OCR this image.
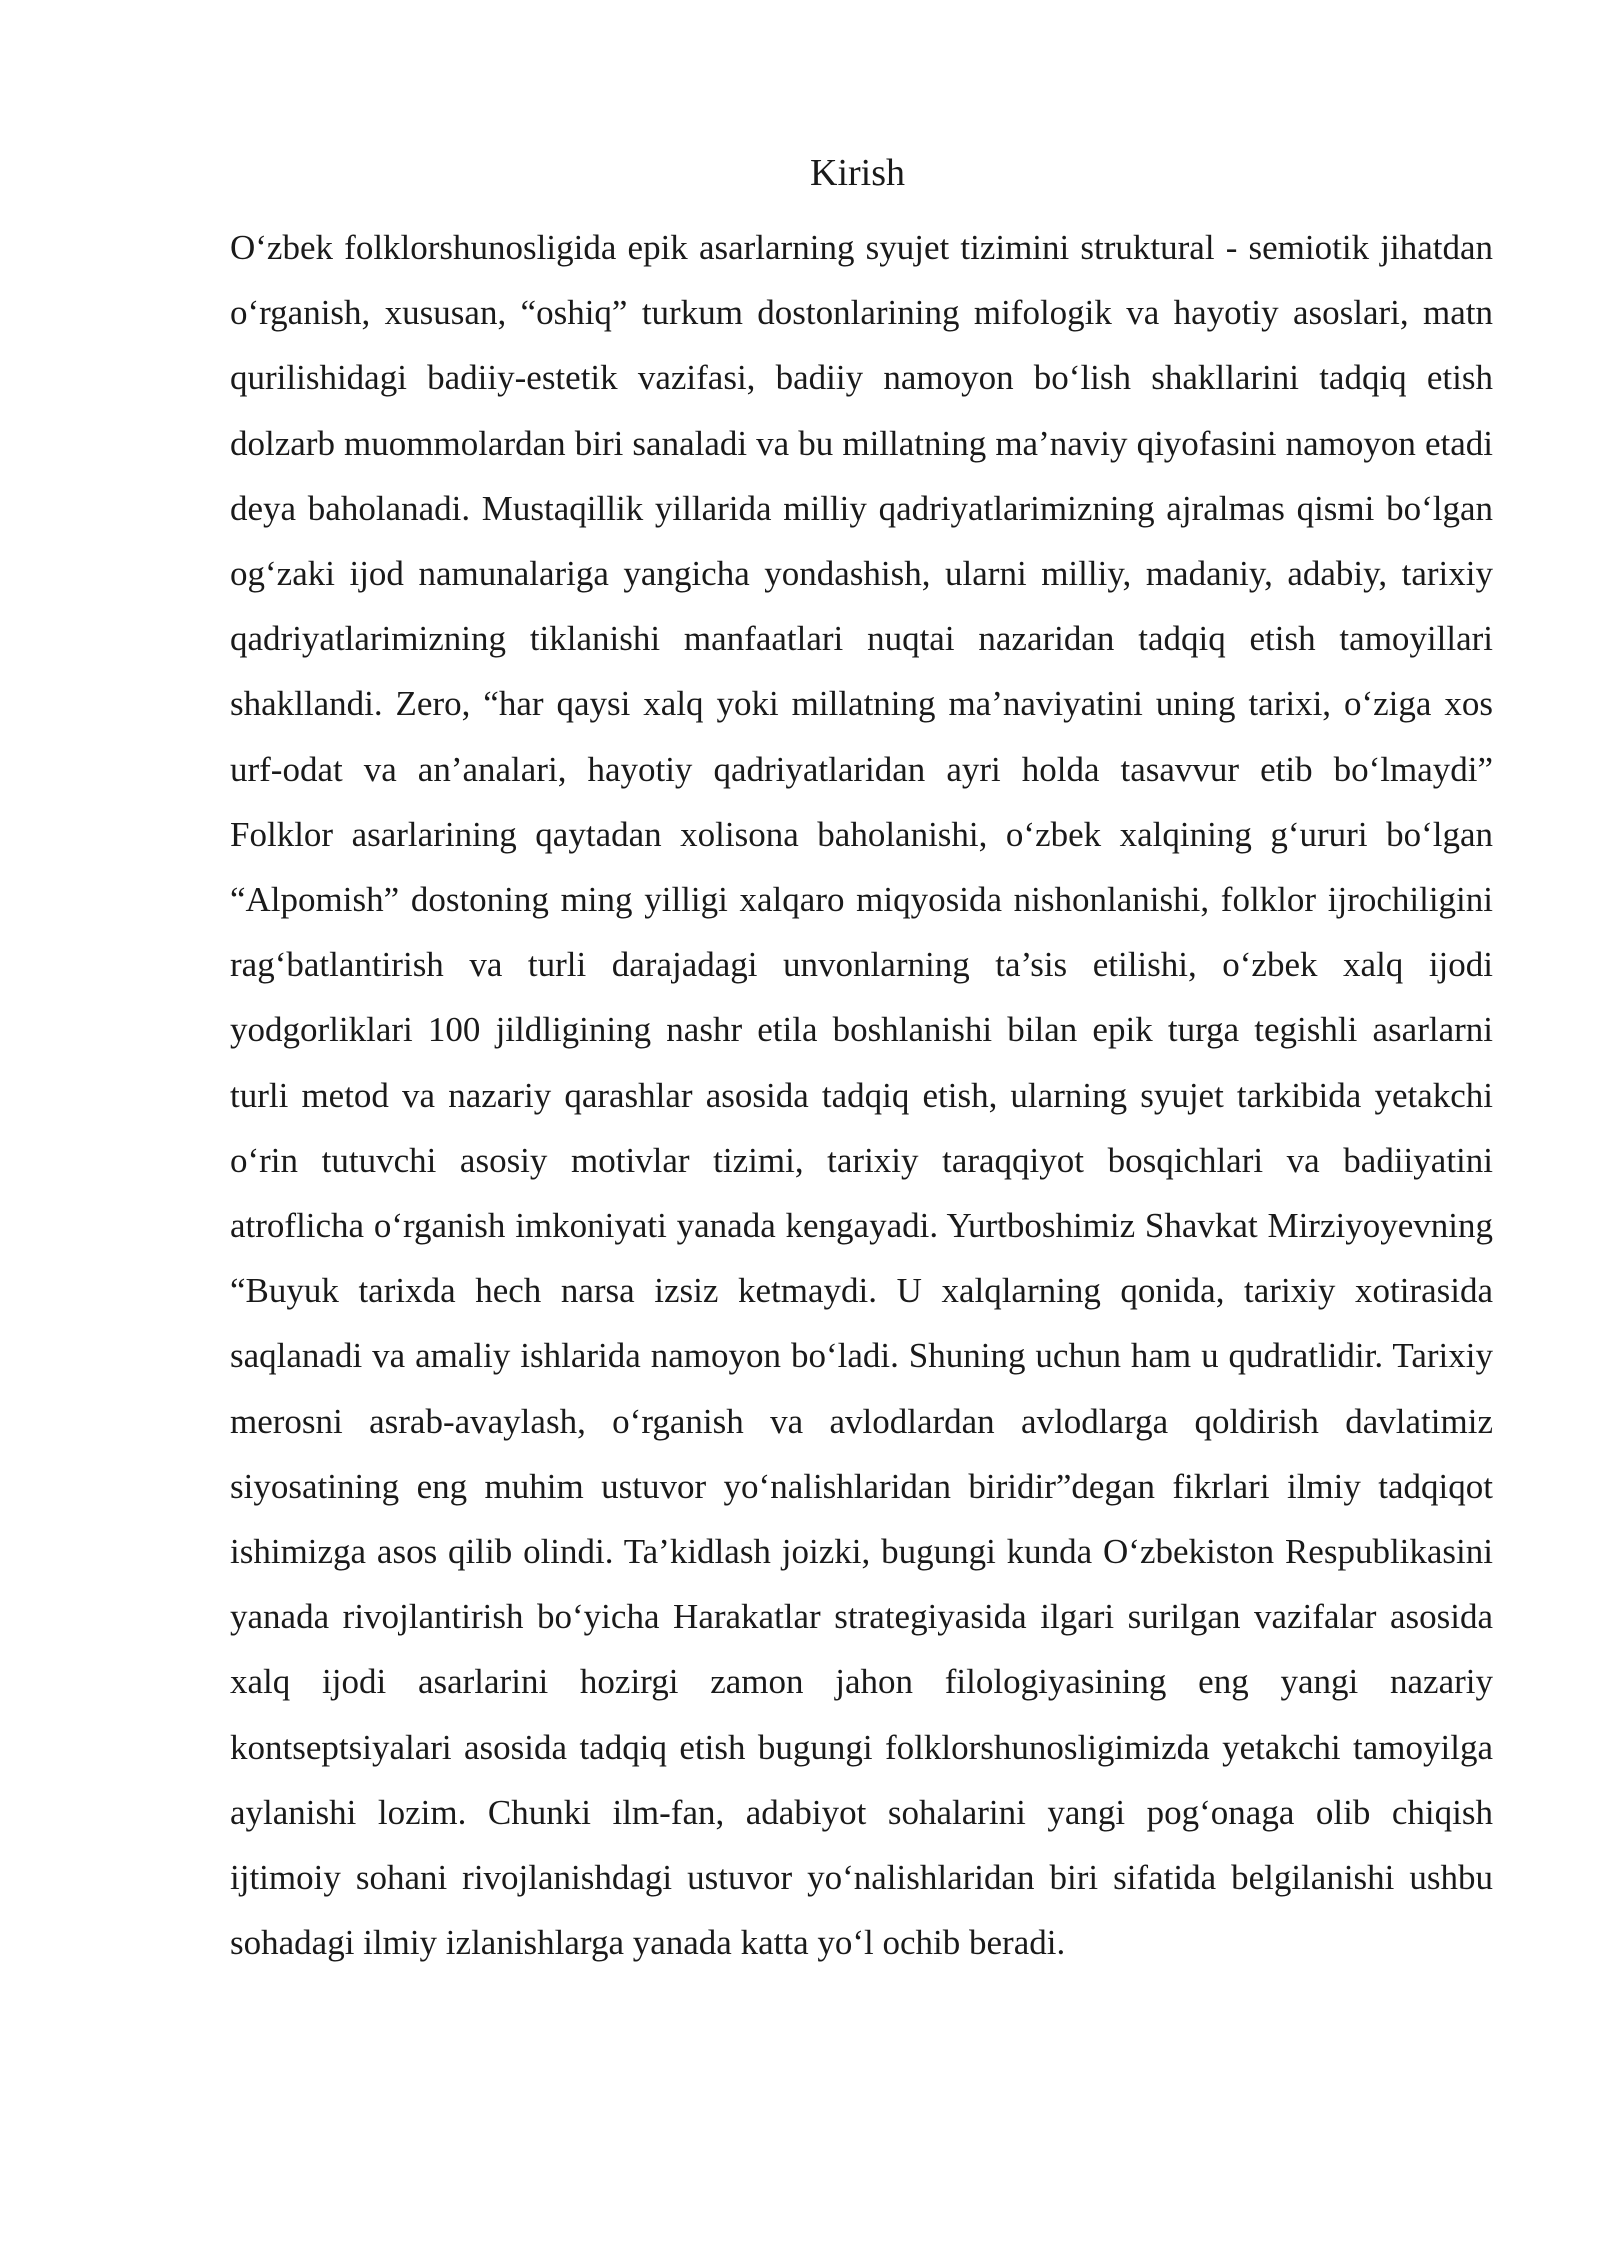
Kirish

O‘zbek folklorshunosligida epik asarlarning syujet tizimini struktural - semiotik jihatdan o‘rganish, xususan, “oshiq” turkum dostonlarining mifologik va hayotiy asoslari, matn qurilishidagi badiiy-estetik vazifasi, badiiy namoyon bo‘lish shakllarini tadqiq etish dolzarb muommolardan biri sanaladi va bu millatning ma’naviy qiyofasini namoyon etadi deya baholanadi. Mustaqillik yillarida milliy qadriyatlarimizning ajralmas qismi bo‘lgan og‘zaki ijod namunalariga yangicha yondashish, ularni milliy, madaniy, adabiy, tarixiy qadriyatlarimizning tiklanishi manfaatlari nuqtai nazaridan tadqiq etish tamoyillari shakllandi. Zero, “har qaysi xalq yoki millatning ma’naviyatini uning tarixi, o‘ziga xos urf-odat va an’analari, hayotiy qadriyatlaridan ayri holda tasavvur etib bo‘lmaydi” Folklor asarlarining qaytadan xolisona baholanishi, o‘zbek xalqining g‘ururi bo‘lgan “Alpomish” dostoning ming yilligi xalqaro miqyosida nishonlanishi, folklor ijrochiligini rag‘batlantirish va turli darajadagi unvonlarning ta’sis etilishi, o‘zbek xalq ijodi yodgorliklari 100 jildligining nashr etila boshlanishi bilan epik turga tegishli asarlarni turli metod va nazariy qarashlar asosida tadqiq etish, ularning syujet tarkibida yetakchi o‘rin tutuvchi asosiy motivlar tizimi, tarixiy taraqqiyot bosqichlari va badiiyatini atroflicha o‘rganish imkoniyati yanada kengayadi. Yurtboshimiz Shavkat Mirziyoyevning “Buyuk tarixda hech narsa izsiz ketmaydi. U xalqlarning qonida, tarixiy xotirasida saqlanadi va amaliy ishlarida namoyon bo‘ladi. Shuning uchun ham u qudratlidir. Tarixiy merosni asrab-avaylash, o‘rganish va avlodlardan avlodlarga qoldirish davlatimiz siyosatining eng muhim ustuvor yo‘nalishlaridan biridir”degan fikrlari ilmiy tadqiqot ishimizga asos qilib olindi. Ta’kidlash joizki, bugungi kunda O‘zbekiston Respublikasini yanada rivojlantirish bo‘yicha Harakatlar strategiyasida ilgari surilgan vazifalar asosida xalq ijodi asarlarini hozirgi zamon jahon filologiyasining eng yangi nazariy kontseptsiyalari asosida tadqiq etish bugungi folklorshunosligimizda yetakchi tamoyilga aylanishi lozim. Chunki ilm-fan, adabiyot sohalarini yangi pog‘onaga olib chiqish ijtimoiy sohani rivojlanishdagi ustuvor yo‘nalishlaridan biri sifatida belgilanishi ushbu sohadagi ilmiy izlanishlarga yanada katta yo‘l ochib beradi.
